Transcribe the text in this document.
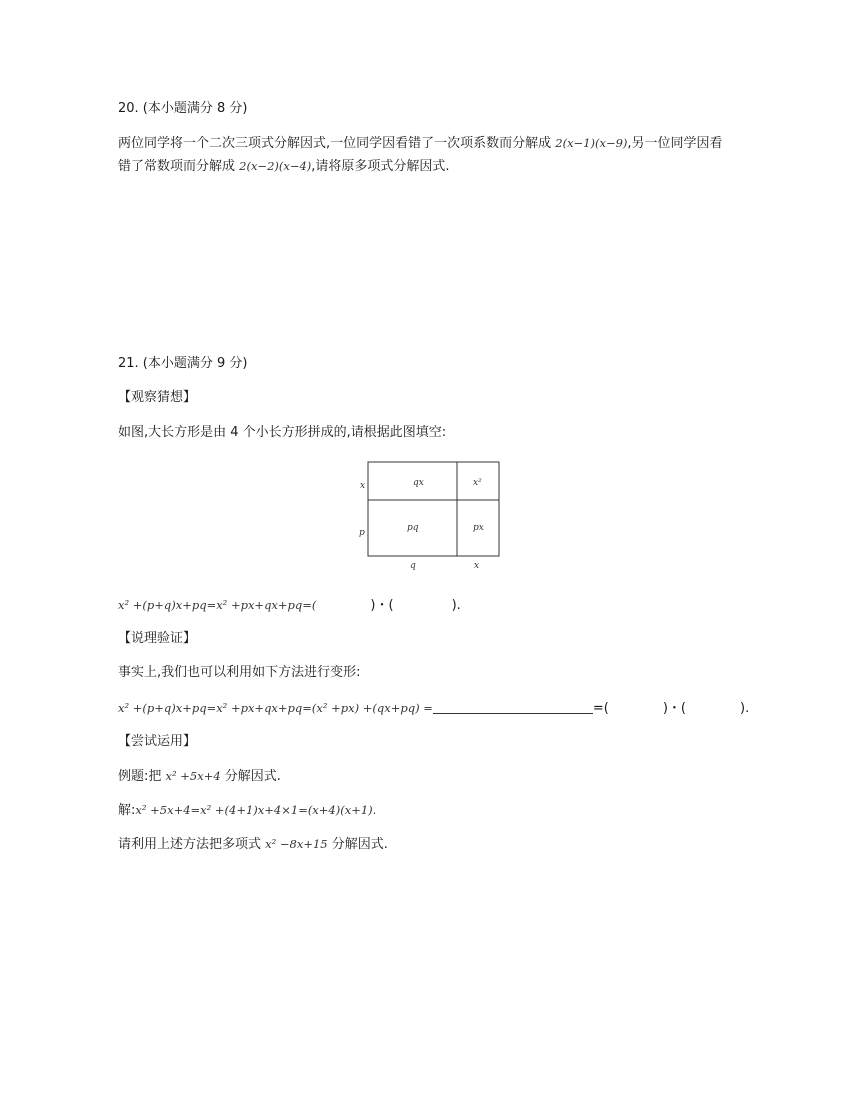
20. (本小题满分 8 分)
两位同学将一个二次三项式分解因式,一位同学因看错了一次项系数而分解成 2(x−1)(x−9),另一位同学因看
错了常数项而分解成 2(x−2)(x−4),请将原多项式分解因式.
21. (本小题满分 9 分)
【观察猜想】
如图,大长方形是由 4 个小长方形拼成的,请根据此图填空:
qx	x²
pq	px
x
p
q	x
x² +(p+q)x+pq=x² +px+qx+pq=(	)・(	).
【说理验证】
事实上,我们也可以利用如下方法进行变形:
x² +(p+q)x+pq=x² +px+qx+pq=(x² +px) +(qx+pq) =	=(	)・(	).
【尝试运用】
例题:把 x² +5x+4 分解因式.
解:x² +5x+4=x² +(4+1)x+4×1=(x+4)(x+1).
请利用上述方法把多项式 x² −8x+15 分解因式.
